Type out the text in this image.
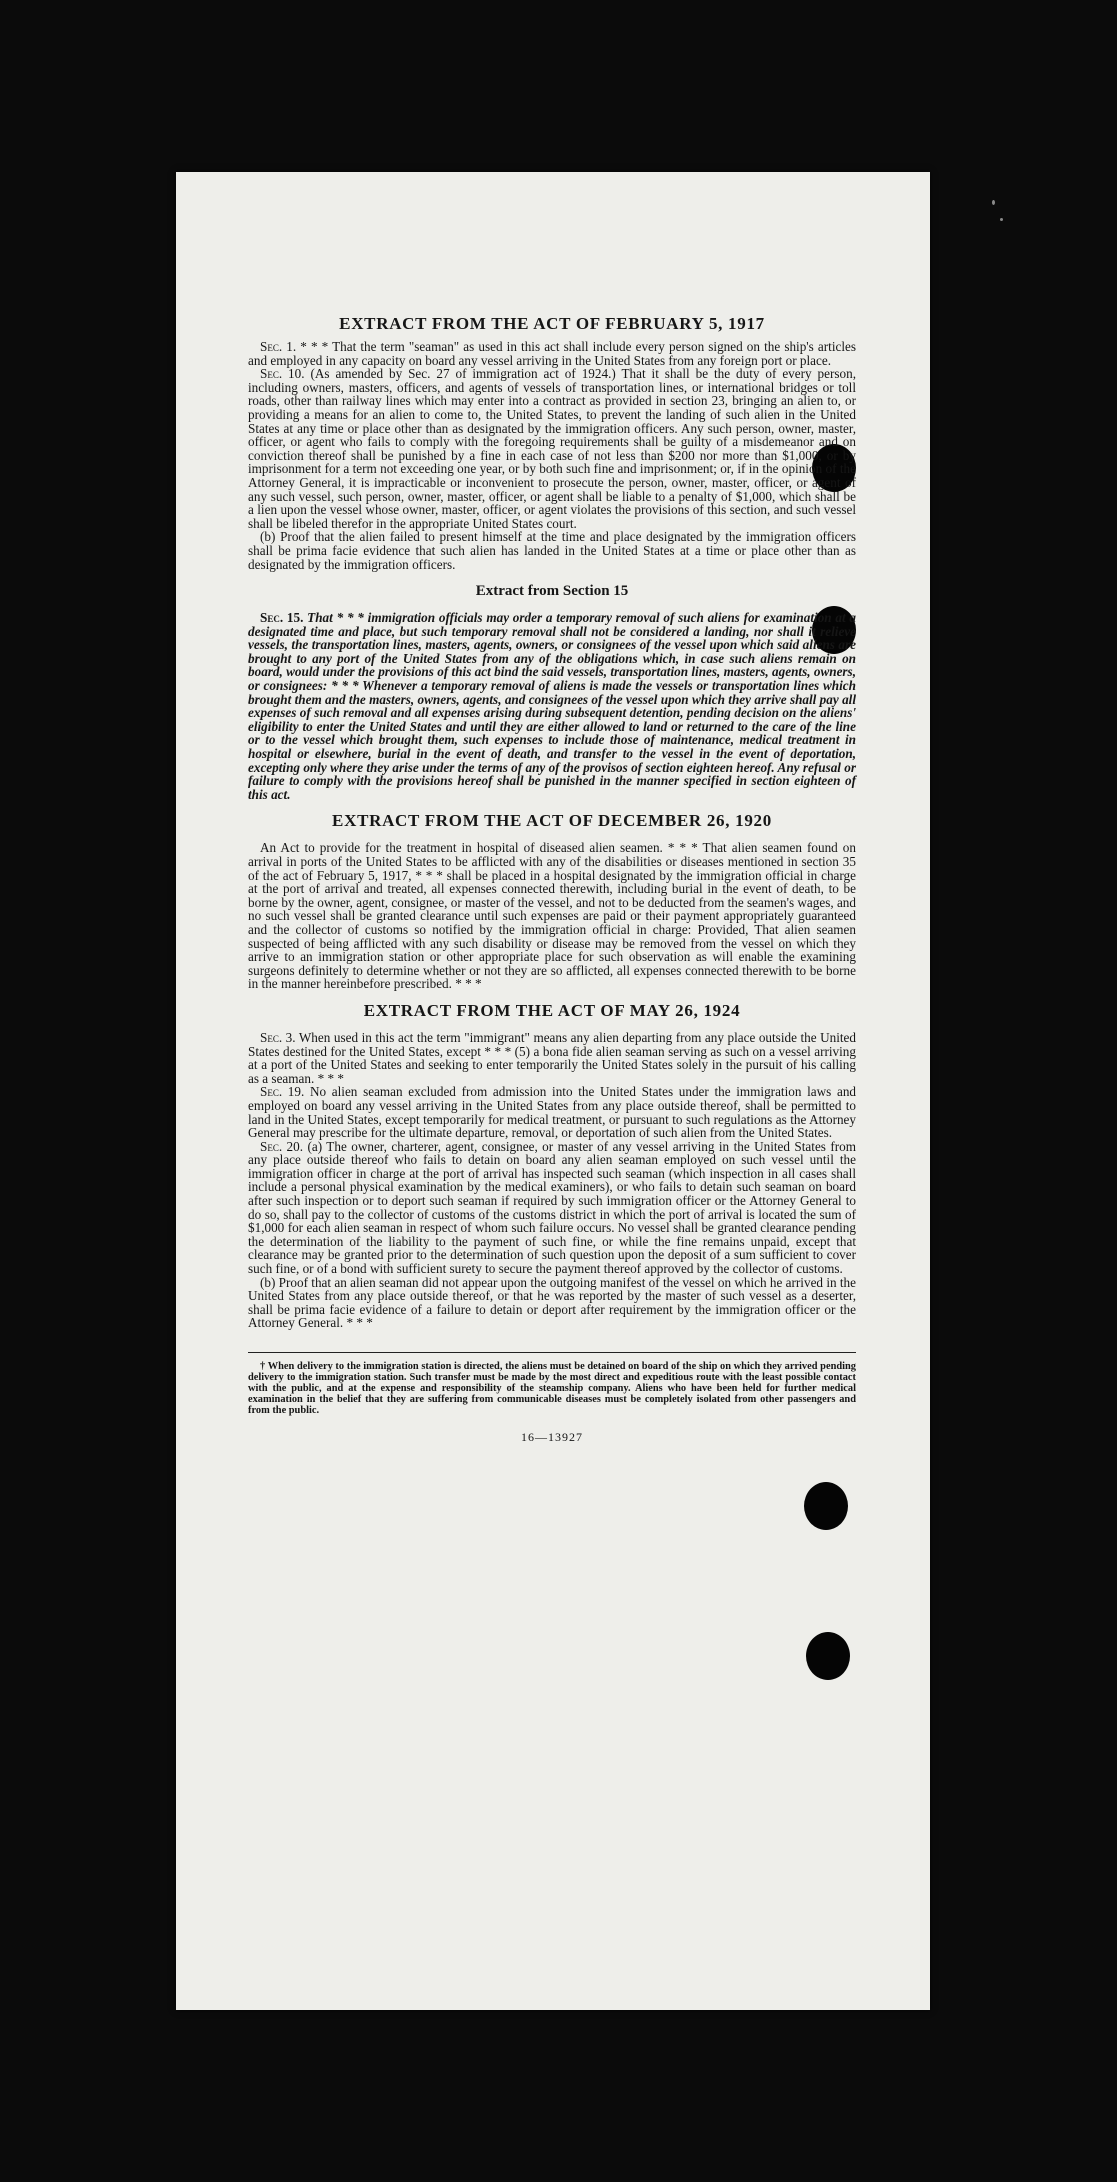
EXTRACT FROM THE ACT OF FEBRUARY 5, 1917

Sec. 1. * * * That the term "seaman" as used in this act shall include every person signed on the ship's articles and employed in any capacity on board any vessel arriving in the United States from any foreign port or place.

Sec. 10. (As amended by Sec. 27 of immigration act of 1924.) That it shall be the duty of every person, including owners, masters, officers, and agents of vessels of transportation lines, or international bridges or toll roads, other than railway lines which may enter into a contract as provided in section 23, bringing an alien to, or providing a means for an alien to come to, the United States, to prevent the landing of such alien in the United States at any time or place other than as designated by the immigration officers. Any such person, owner, master, officer, or agent who fails to comply with the foregoing requirements shall be guilty of a misdemeanor and on conviction thereof shall be punished by a fine in each case of not less than $200 nor more than $1,000, or by imprisonment for a term not exceeding one year, or by both such fine and imprisonment; or, if in the opinion of the Attorney General, it is impracticable or inconvenient to prosecute the person, owner, master, officer, or agent of any such vessel, such person, owner, master, officer, or agent shall be liable to a penalty of $1,000, which shall be a lien upon the vessel whose owner, master, officer, or agent violates the provisions of this section, and such vessel shall be libeled therefor in the appropriate United States court.

(b) Proof that the alien failed to present himself at the time and place designated by the immigration officers shall be prima facie evidence that such alien has landed in the United States at a time or place other than as designated by the immigration officers.

Extract from Section 15

Sec. 15. That * * * immigration officials may order a temporary removal of such aliens for examination at a designated time and place, but such temporary removal shall not be considered a landing, nor shall it relieve vessels, the transportation lines, masters, agents, owners, or consignees of the vessel upon which said aliens are brought to any port of the United States from any of the obligations which, in case such aliens remain on board, would under the provisions of this act bind the said vessels, transportation lines, masters, agents, owners, or consignees: * * * Whenever a temporary removal of aliens is made the vessels or transportation lines which brought them and the masters, owners, agents, and consignees of the vessel upon which they arrive shall pay all expenses of such removal and all expenses arising during subsequent detention, pending decision on the aliens' eligibility to enter the United States and until they are either allowed to land or returned to the care of the line or to the vessel which brought them, such expenses to include those of maintenance, medical treatment in hospital or elsewhere, burial in the event of death, and transfer to the vessel in the event of deportation, excepting only where they arise under the terms of any of the provisos of section eighteen hereof. Any refusal or failure to comply with the provisions hereof shall be punished in the manner specified in section eighteen of this act.

EXTRACT FROM THE ACT OF DECEMBER 26, 1920

An Act to provide for the treatment in hospital of diseased alien seamen. * * * That alien seamen found on arrival in ports of the United States to be afflicted with any of the disabilities or diseases mentioned in section 35 of the act of February 5, 1917, * * * shall be placed in a hospital designated by the immigration official in charge at the port of arrival and treated, all expenses connected therewith, including burial in the event of death, to be borne by the owner, agent, consignee, or master of the vessel, and not to be deducted from the seamen's wages, and no such vessel shall be granted clearance until such expenses are paid or their payment appropriately guaranteed and the collector of customs so notified by the immigration official in charge: Provided, That alien seamen suspected of being afflicted with any such disability or disease may be removed from the vessel on which they arrive to an immigration station or other appropriate place for such observation as will enable the examining surgeons definitely to determine whether or not they are so afflicted, all expenses connected therewith to be borne in the manner hereinbefore prescribed. * * *

EXTRACT FROM THE ACT OF MAY 26, 1924

Sec. 3. When used in this act the term "immigrant" means any alien departing from any place outside the United States destined for the United States, except * * * (5) a bona fide alien seaman serving as such on a vessel arriving at a port of the United States and seeking to enter temporarily the United States solely in the pursuit of his calling as a seaman. * * *

Sec. 19. No alien seaman excluded from admission into the United States under the immigration laws and employed on board any vessel arriving in the United States from any place outside thereof, shall be permitted to land in the United States, except temporarily for medical treatment, or pursuant to such regulations as the Attorney General may prescribe for the ultimate departure, removal, or deportation of such alien from the United States.

Sec. 20. (a) The owner, charterer, agent, consignee, or master of any vessel arriving in the United States from any place outside thereof who fails to detain on board any alien seaman employed on such vessel until the immigration officer in charge at the port of arrival has inspected such seaman (which inspection in all cases shall include a personal physical examination by the medical examiners), or who fails to detain such seaman on board after such inspection or to deport such seaman if required by such immigration officer or the Attorney General to do so, shall pay to the collector of customs of the customs district in which the port of arrival is located the sum of $1,000 for each alien seaman in respect of whom such failure occurs. No vessel shall be granted clearance pending the determination of the liability to the payment of such fine, or while the fine remains unpaid, except that clearance may be granted prior to the determination of such question upon the deposit of a sum sufficient to cover such fine, or of a bond with sufficient surety to secure the payment thereof approved by the collector of customs.

(b) Proof that an alien seaman did not appear upon the outgoing manifest of the vessel on which he arrived in the United States from any place outside thereof, or that he was reported by the master of such vessel as a deserter, shall be prima facie evidence of a failure to detain or deport after requirement by the immigration officer or the Attorney General. * * *

† When delivery to the immigration station is directed, the aliens must be detained on board of the ship on which they arrived pending delivery to the immigration station. Such transfer must be made by the most direct and expeditious route with the least possible contact with the public, and at the expense and responsibility of the steamship company. Aliens who have been held for further medical examination in the belief that they are suffering from communicable diseases must be completely isolated from other passengers and from the public.

16—13927
